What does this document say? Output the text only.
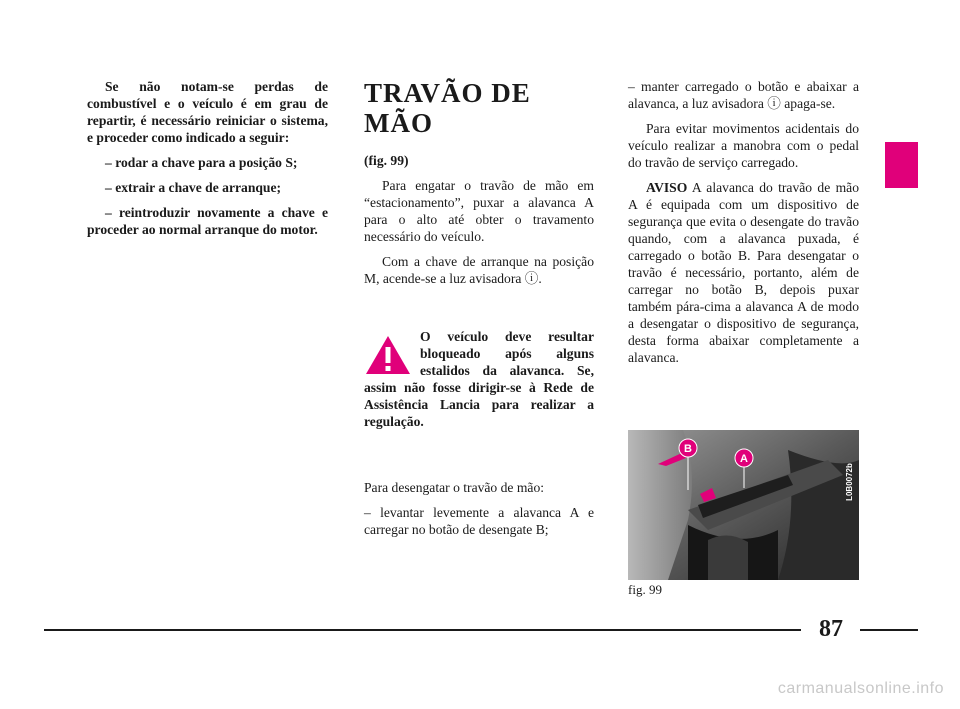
Se não notam-se perdas de combustível e o veículo é em grau de repartir, é necessário reiniciar o sistema, e proceder como indicado a seguir:

– rodar a chave para a posição S;

– extrair a chave de arranque;

– reintroduzir novamente a chave e proceder ao normal arranque do motor.

TRAVÃO DE MÃO

(fig. 99)

Para engatar o travão de mão em “estacionamento”, puxar a alavanca A para o alto até obter o travamento necessário do veículo.

Com a chave de arranque na posição M, acende-se a luz avisadora ⓘ.

O veículo deve resultar bloqueado após alguns estalidos da alavanca. Se, assim não fosse dirigir-se à Rede de Assistência Lancia para realizar a regulação.

Para desengatar o travão de mão:

– levantar levemente a alavanca A e carregar no botão de desengate B;

– manter carregado o botão e abaixar a alavanca, a luz avisadora ⓘ apaga-se.

Para evitar movimentos acidentais do veículo realizar a manobra com o pedal do travão de serviço carregado.

AVISO A alavanca do travão de mão A é equipada com um dispositivo de segurança que evita o desengate do travão quando, com a alavanca puxada, é carregado o botão B. Para desengatar o travão é necessário, portanto, além de carregar no botão B, depois puxar também pára-cima a alavanca A de modo a desengatar o dispositivo de segurança, desta forma abaixar completamente a alavanca.

B
A
L0B0072b
fig. 99
87
carmanualsonline.info
